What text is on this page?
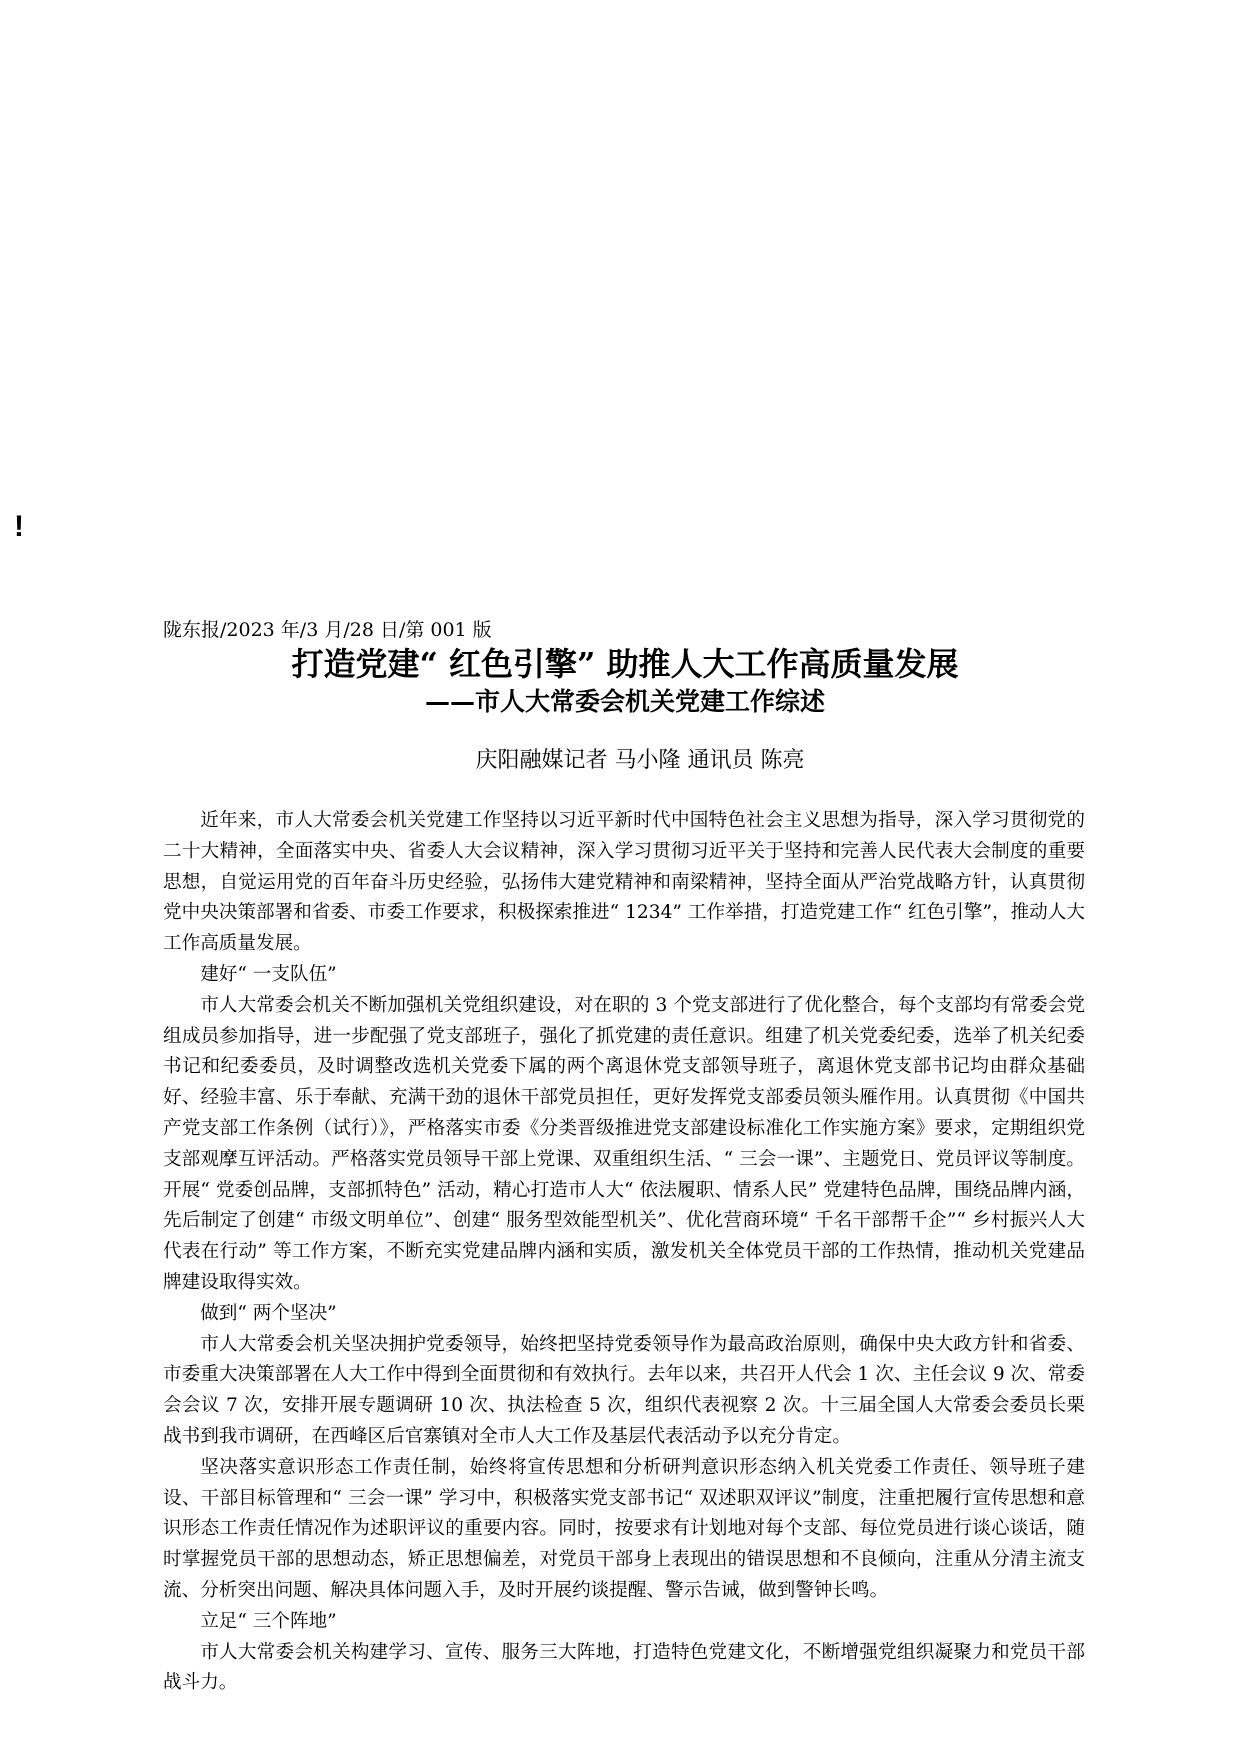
!
陇东报/2023 年/3 月/28 日/第 001 版
打造党建“ 红色引擎” 助推人大工作高质量发展
——市人大常委会机关党建工作综述
庆阳融媒记者 马小隆 通讯员 陈亮

近年来，市人大常委会机关党建工作坚持以习近平新时代中国特色社会主义思想为指导，深入学习贯彻党的二十大精神，全面落实中央、省委人大会议精神，深入学习贯彻习近平关于坚持和完善人民代表大会制度的重要思想，自觉运用党的百年奋斗历史经验，弘扬伟大建党精神和南梁精神，坚持全面从严治党战略方针，认真贯彻党中央决策部署和省委、市委工作要求，积极探索推进“ 1234” 工作举措，打造党建工作“ 红色引擎”，推动人大工作高质量发展。

建好“ 一支队伍”

市人大常委会机关不断加强机关党组织建设，对在职的 3 个党支部进行了优化整合，每个支部均有常委会党组成员参加指导，进一步配强了党支部班子，强化了抓党建的责任意识。组建了机关党委纪委，选举了机关纪委书记和纪委委员，及时调整改选机关党委下属的两个离退休党支部领导班子，离退休党支部书记均由群众基础好、经验丰富、乐于奉献、充满干劲的退休干部党员担任，更好发挥党支部委员领头雁作用。认真贯彻《中国共产党支部工作条例（试行）》，严格落实市委《分类晋级推进党支部建设标准化工作实施方案》要求，定期组织党支部观摩互评活动。严格落实党员领导干部上党课、双重组织生活、“ 三会一课”、主题党日、党员评议等制度。开展“ 党委创品牌，支部抓特色” 活动，精心打造市人大“ 依法履职、情系人民” 党建特色品牌，围绕品牌内涵，先后制定了创建“ 市级文明单位”、创建“ 服务型效能型机关”、优化营商环境“ 千名干部帮千企”“ 乡村振兴人大代表在行动” 等工作方案，不断充实党建品牌内涵和实质，激发机关全体党员干部的工作热情，推动机关党建品牌建设取得实效。

做到“ 两个坚决”

市人大常委会机关坚决拥护党委领导，始终把坚持党委领导作为最高政治原则，确保中央大政方针和省委、市委重大决策部署在人大工作中得到全面贯彻和有效执行。去年以来，共召开人代会 1 次、主任会议 9 次、常委会会议 7 次，安排开展专题调研 10 次、执法检查 5 次，组织代表视察 2 次。十三届全国人大常委会委员长栗战书到我市调研，在西峰区后官寨镇对全市人大工作及基层代表活动予以充分肯定。

坚决落实意识形态工作责任制，始终将宣传思想和分析研判意识形态纳入机关党委工作责任、领导班子建设、干部目标管理和“ 三会一课” 学习中，积极落实党支部书记“ 双述职双评议”制度，注重把履行宣传思想和意识形态工作责任情况作为述职评议的重要内容。同时，按要求有计划地对每个支部、每位党员进行谈心谈话，随时掌握党员干部的思想动态，矫正思想偏差，对党员干部身上表现出的错误思想和不良倾向，注重从分清主流支流、分析突出问题、解决具体问题入手，及时开展约谈提醒、警示告诫，做到警钟长鸣。

立足“ 三个阵地”

市人大常委会机关构建学习、宣传、服务三大阵地，打造特色党建文化，不断增强党组织凝聚力和党员干部战斗力。
